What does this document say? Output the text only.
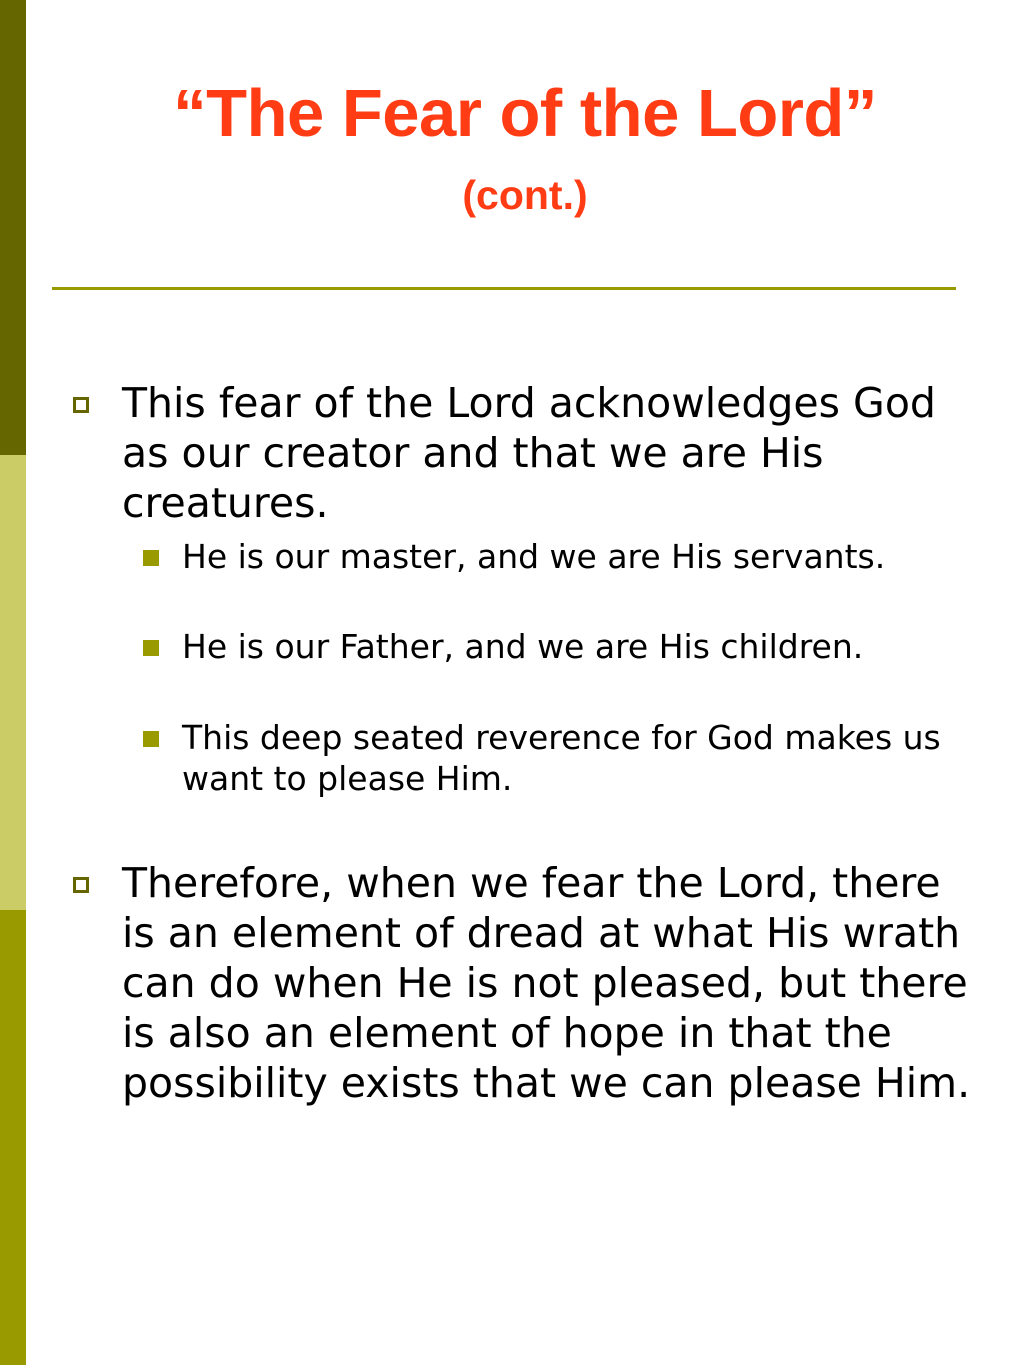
“The Fear of the Lord”
(cont.)
This fear of the Lord acknowledges God as our creator and that we are His creatures.
He is our master, and we are His servants.
He is our Father, and we are His children.
This deep seated reverence for God makes us want to please Him.
Therefore, when we fear the Lord, there is an element of dread at what His wrath can do when He is not pleased, but there is also an element of hope in that the possibility exists that we can please Him.
